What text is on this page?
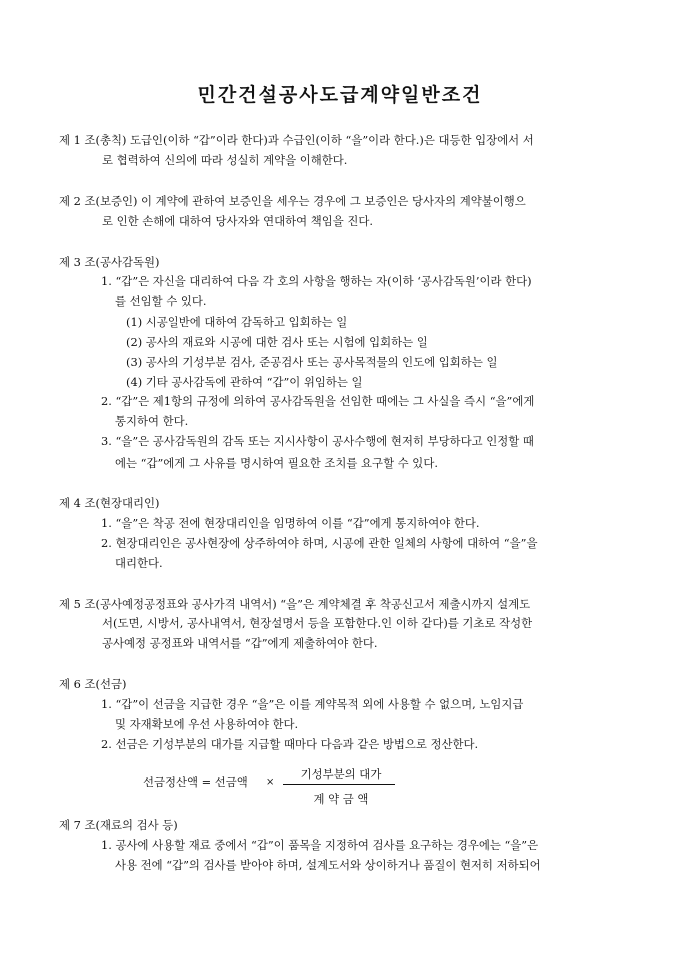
민간건설공사도급계약일반조건
제 1 조(총칙) 도급인(이하 “갑”이라 한다)과 수급인(이하 “을”이라 한다.)은 대등한 입장에서 서
로 협력하여 신의에 따라 성실히 계약을 이해한다.
제 2 조(보증인) 이 계약에 관하여 보증인을 세우는 경우에 그 보증인은 당사자의 계약불이행으
로 인한 손해에 대하여 당사자와 연대하여 책임을 진다.
제 3 조(공사감독원)
1. “갑”은 자신을 대리하여 다음 각 호의 사항을 행하는 자(이하 ‘공사감독원’이라 한다)
를 선임할 수 있다.
(1) 시공일반에 대하여 감독하고 입회하는 일
(2) 공사의 재료와 시공에 대한 검사 또는 시험에 입회하는 일
(3) 공사의 기성부분 검사, 준공검사 또는 공사목적물의 인도에 입회하는 일
(4) 기타 공사감독에 관하여 “갑”이 위임하는 일
2. “갑”은 제1항의 규정에 의하여 공사감독원을 선임한 때에는 그 사실을 즉시 “을”에게
통지하여 한다.
3. “을”은 공사감독원의 감독 또는 지시사항이 공사수행에 현저히 부당하다고 인정할 때
에는 “갑”에게 그 사유를 명시하여 필요한 조치를 요구할 수 있다.
제 4 조(현장대리인)
1. “을”은 착공 전에 현장대리인을 임명하여 이를 “갑”에게 통지하여야 한다.
2. 현장대리인은 공사현장에 상주하여야 하며, 시공에 관한 일체의 사항에 대하여 “을”을
대리한다.
제 5 조(공사예정공정표와 공사가격 내역서) “을”은 계약체결 후 착공신고서 제출시까지 설계도
서(도면, 시방서, 공사내역서, 현장설명서 등을 포함한다.인 이하 같다)를 기초로 작성한
공사예정 공정표와 내역서를 “갑”에게 제출하여야 한다.
제 6 조(선금)
1. “갑”이 선금을 지급한 경우 “을”은 이를 계약목적 외에 사용할 수 없으며, 노임지급
및 자재확보에 우선 사용하여야 한다.
2. 선금은 기성부분의 대가를 지급할 때마다 다음과 같은 방법으로 정산한다.
제 7 조(재료의 검사 등)
1. 공사에 사용할 재료 중에서 “갑”이 품목을 지정하여 검사를 요구하는 경우에는 “을”은
사용 전에 “갑”의 검사를 받아야 하며, 설계도서와 상이하거나 품질이 현저히 저하되어
선금정산액 = 선금액 ×
기성부분의 대가
계 약 금 액
